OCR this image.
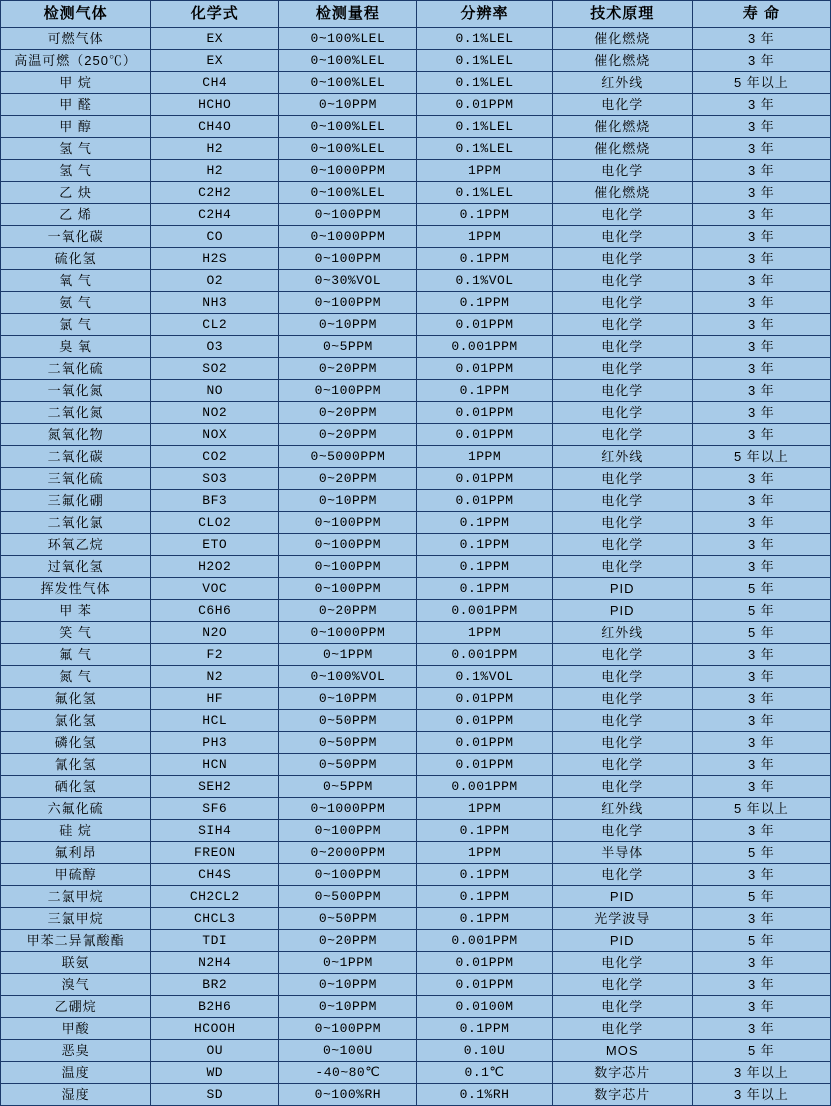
检测气体	化学式	检测量程	分辨率	技术原理	寿 命
可燃气体	EX	0~100%LEL	0.1%LEL	催化燃烧	3 年
高温可燃（250℃）	EX	0~100%LEL	0.1%LEL	催化燃烧	3 年
甲 烷	CH4	0~100%LEL	0.1%LEL	红外线	5 年以上
甲 醛	HCHO	0~10PPM	0.01PPM	电化学	3 年
甲 醇	CH4O	0~100%LEL	0.1%LEL	催化燃烧	3 年
氢 气	H2	0~100%LEL	0.1%LEL	催化燃烧	3 年
氢 气	H2	0~1000PPM	1PPM	电化学	3 年
乙 炔	C2H2	0~100%LEL	0.1%LEL	催化燃烧	3 年
乙 烯	C2H4	0~100PPM	0.1PPM	电化学	3 年
一氧化碳	CO	0~1000PPM	1PPM	电化学	3 年
硫化氢	H2S	0~100PPM	0.1PPM	电化学	3 年
氧 气	O2	0~30%VOL	0.1%VOL	电化学	3 年
氨 气	NH3	0~100PPM	0.1PPM	电化学	3 年
氯 气	CL2	0~10PPM	0.01PPM	电化学	3 年
臭 氧	O3	0~5PPM	0.001PPM	电化学	3 年
二氧化硫	SO2	0~20PPM	0.01PPM	电化学	3 年
一氧化氮	NO	0~100PPM	0.1PPM	电化学	3 年
二氧化氮	NO2	0~20PPM	0.01PPM	电化学	3 年
氮氧化物	NOX	0~20PPM	0.01PPM	电化学	3 年
二氧化碳	CO2	0~5000PPM	1PPM	红外线	5 年以上
三氧化硫	SO3	0~20PPM	0.01PPM	电化学	3 年
三氟化硼	BF3	0~10PPM	0.01PPM	电化学	3 年
二氧化氯	CLO2	0~100PPM	0.1PPM	电化学	3 年
环氧乙烷	ETO	0~100PPM	0.1PPM	电化学	3 年
过氧化氢	H2O2	0~100PPM	0.1PPM	电化学	3 年
挥发性气体	VOC	0~100PPM	0.1PPM	PID	5 年
甲 苯	C6H6	0~20PPM	0.001PPM	PID	5 年
笑 气	N2O	0~1000PPM	1PPM	红外线	5 年
氟 气	F2	0~1PPM	0.001PPM	电化学	3 年
氮 气	N2	0~100%VOL	0.1%VOL	电化学	3 年
氟化氢	HF	0~10PPM	0.01PPM	电化学	3 年
氯化氢	HCL	0~50PPM	0.01PPM	电化学	3 年
磷化氢	PH3	0~50PPM	0.01PPM	电化学	3 年
氰化氢	HCN	0~50PPM	0.01PPM	电化学	3 年
硒化氢	SEH2	0~5PPM	0.001PPM	电化学	3 年
六氟化硫	SF6	0~1000PPM	1PPM	红外线	5 年以上
硅 烷	SIH4	0~100PPM	0.1PPM	电化学	3 年
氟利昂	FREON	0~2000PPM	1PPM	半导体	5 年
甲硫醇	CH4S	0~100PPM	0.1PPM	电化学	3 年
二氯甲烷	CH2CL2	0~500PPM	0.1PPM	PID	5 年
三氯甲烷	CHCL3	0~50PPM	0.1PPM	光学波导	3 年
甲苯二异氰酸酯	TDI	0~20PPM	0.001PPM	PID	5 年
联氨	N2H4	0~1PPM	0.01PPM	电化学	3 年
溴气	BR2	0~10PPM	0.01PPM	电化学	3 年
乙硼烷	B2H6	0~10PPM	0.0100M	电化学	3 年
甲酸	HCOOH	0~100PPM	0.1PPM	电化学	3 年
恶臭	OU	0~100U	0.10U	MOS	5 年
温度	WD	-40~80℃	0.1℃	数字芯片	3 年以上
湿度	SD	0~100%RH	0.1%RH	数字芯片	3 年以上
